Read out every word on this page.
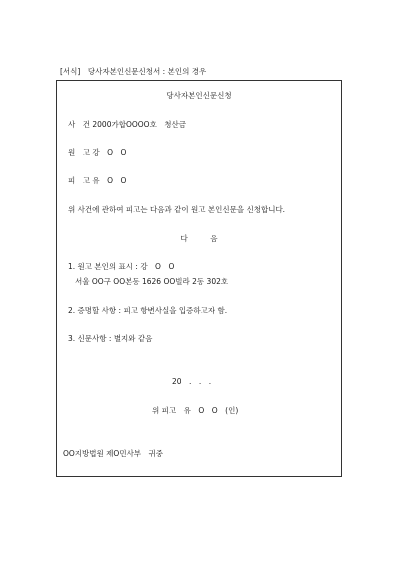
[서식]　당사자본인신문신청서 : 본인의 경우
당사자본인신문신청
사　건 2000가합OOOO호　청산금
원　고 강　O　O
피　고 유　O　O
위 사건에 관하여 피고는 다음과 같이 원고 본인신문을 신청합니다.
다　　　음
1. 원고 본인의 표시 : 강　O　O
서울 OO구 OO본동 1626 OO빌라 2동 302호
2. 증명할 사항 : 피고 항변사실을 입증하고자 함.
3. 신문사항 : 별지와 같음
20　.　.　.
위 피고　유　O　O　(인)
OO지방법원 제O민사부　귀중
